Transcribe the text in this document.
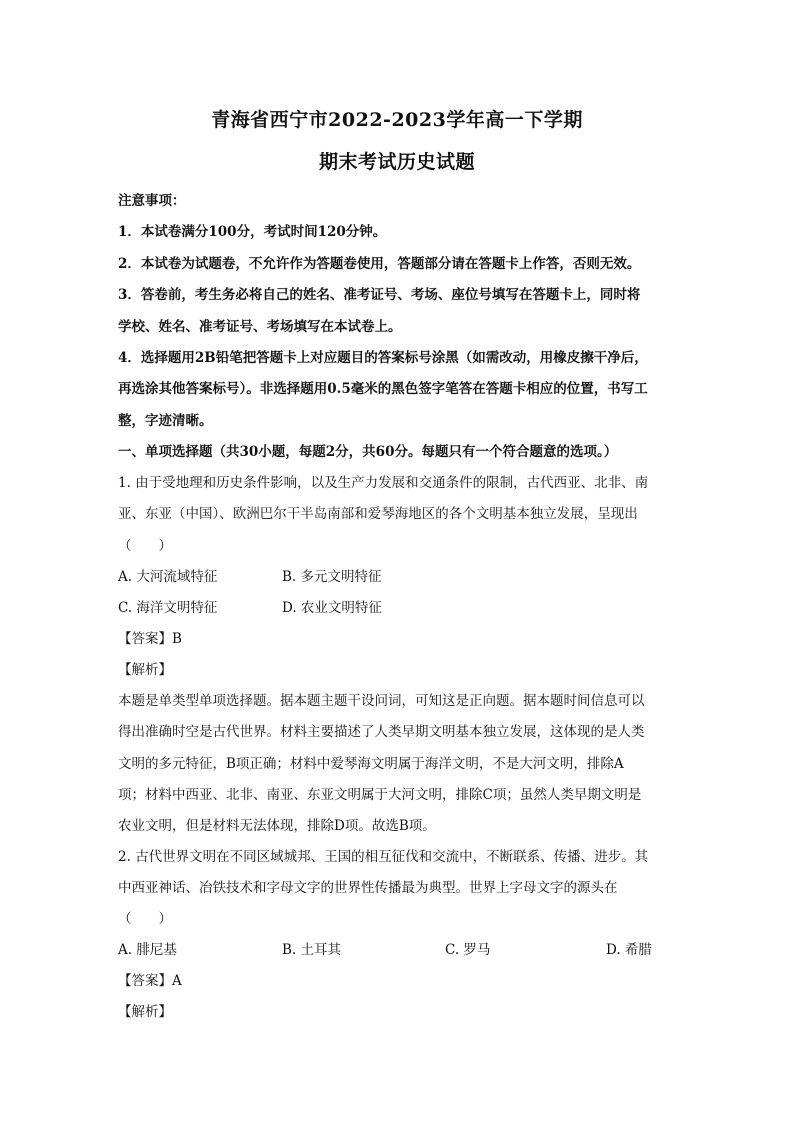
青海省西宁市2022-2023学年高一下学期
期末考试历史试题
注意事项：
1．本试卷满分100分，考试时间120分钟。
2．本试卷为试题卷，不允许作为答题卷使用，答题部分请在答题卡上作答，否则无效。
3．答卷前，考生务必将自己的姓名、准考证号、考场、座位号填写在答题卡上，同时将
学校、姓名、准考证号、考场填写在本试卷上。
4．选择题用2B铅笔把答题卡上对应题目的答案标号涂黑（如需改动，用橡皮擦干净后，
再选涂其他答案标号）。非选择题用0.5毫米的黑色签字笔答在答题卡相应的位置，书写工
整，字迹清晰。
一、单项选择题（共30小题，每题2分，共60分。每题只有一个符合题意的选项。）
1. 由于受地理和历史条件影响，以及生产力发展和交通条件的限制，古代西亚、北非、南
亚、东亚（中国）、欧洲巴尔干半岛南部和爱琴海地区的各个文明基本独立发展，呈现出
（　　）
A. 大河流域特征	B. 多元文明特征
C. 海洋文明特征	D. 农业文明特征
【答案】B
【解析】
本题是单类型单项选择题。据本题主题干设问词，可知这是正向题。据本题时间信息可以
得出准确时空是古代世界。材料主要描述了人类早期文明基本独立发展，这体现的是人类
文明的多元特征，B项正确；材料中爱琴海文明属于海洋文明，不是大河文明，排除A
项；材料中西亚、北非、南亚、东亚文明属于大河文明，排除C项；虽然人类早期文明是
农业文明，但是材料无法体现，排除D项。故选B项。
2. 古代世界文明在不同区域城邦、王国的相互征伐和交流中，不断联系、传播、进步。其
中西亚神话、冶铁技术和字母文字的世界性传播最为典型。世界上字母文字的源头在
（　　）
A. 腓尼基	B. 土耳其	C. 罗马	D. 希腊
【答案】A
【解析】
